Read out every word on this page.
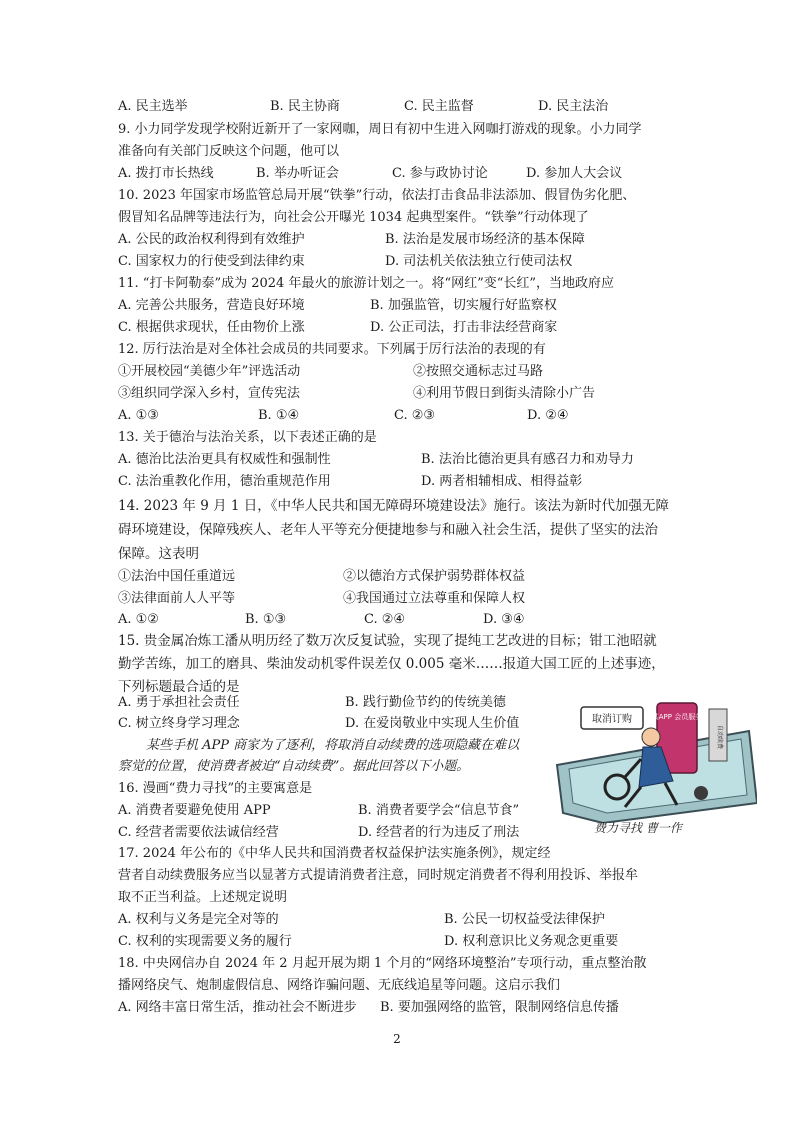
A. 民主选举	B. 民主协商	C. 民主监督	D. 民主法治
9. 小力同学发现学校附近新开了一家网咖，周日有初中生进入网咖打游戏的现象。小力同学
准备向有关部门反映这个问题，他可以
A. 拨打市长热线	B. 举办听证会	C. 参与政协讨论	D. 参加人大会议
10. 2023 年国家市场监管总局开展“铁拳”行动，依法打击食品非法添加、假冒伪劣化肥、
假冒知名品牌等违法行为，向社会公开曝光 1034 起典型案件。“铁拳”行动体现了
A. 公民的政治权利得到有效维护	B. 法治是发展市场经济的基本保障
C. 国家权力的行使受到法律约束	D. 司法机关依法独立行使司法权
11. “打卡阿勒泰”成为 2024 年最火的旅游计划之一。将“网红”变“长红”，当地政府应
A. 完善公共服务，营造良好环境	B. 加强监管，切实履行好监察权
C. 根据供求现状，任由物价上涨	D. 公正司法，打击非法经营商家
12. 厉行法治是对全体社会成员的共同要求。下列属于厉行法治的表现的有
①开展校园“美德少年”评选活动	②按照交通标志过马路
③组织同学深入乡村，宣传宪法	④利用节假日到街头清除小广告
A. ①③	B. ①④	C. ②③	D. ②④
13. 关于德治与法治关系，以下表述正确的是
A. 德治比法治更具有权威性和强制性	B. 法治比德治更具有感召力和劝导力
C. 法治重教化作用，德治重规范作用	D. 两者相辅相成、相得益彰
14. 2023 年 9 月 1 日，《中华人民共和国无障碍环境建设法》施行。该法为新时代加强无障
碍环境建设，保障残疾人、老年人平等充分便捷地参与和融入社会生活，提供了坚实的法治
保障。这表明
①法治中国任重道远	②以德治方式保护弱势群体权益
③法律面前人人平等	④我国通过立法尊重和保障人权
A. ①②	B. ①③	C. ②④	D. ③④
15. 贵金属冶炼工潘从明历经了数万次反复试验，实现了提纯工艺改进的目标；钳工池昭就
勤学苦练，加工的磨具、柴油发动机零件误差仅 0.005 毫米……报道大国工匠的上述事迹，
下列标题最合适的是
A. 勇于承担社会责任	B. 践行勤俭节约的传统美德
C. 树立终身学习理念	D. 在爱岗敬业中实现人生价值
某些手机 APP 商家为了逐利，将取消自动续费的选项隐藏在难以
察觉的位置，使消费者被迫“自动续费”。据此回答以下小题。
取消订购	某APP 会员服务
自动续费
费力寻找 曹一作
16. 漫画“费力寻找”的主要寓意是
A. 消费者要避免使用 APP	B. 消费者要学会“信息节食”
C. 经营者需要依法诚信经营	D. 经营者的行为违反了刑法
17. 2024 年公布的《中华人民共和国消费者权益保护法实施条例》，规定经
营者自动续费服务应当以显著方式提请消费者注意，同时规定消费者不得利用投诉、举报牟
取不正当利益。上述规定说明
A. 权利与义务是完全对等的	B. 公民一切权益受法律保护
C. 权利的实现需要义务的履行	D. 权利意识比义务观念更重要
18. 中央网信办自 2024 年 2 月起开展为期 1 个月的“网络环境整治”专项行动，重点整治散
播网络戾气、炮制虚假信息、网络诈骗问题、无底线追星等问题。这启示我们
A. 网络丰富日常生活，推动社会不断进步 B. 要加强网络的监管，限制网络信息传播
2
